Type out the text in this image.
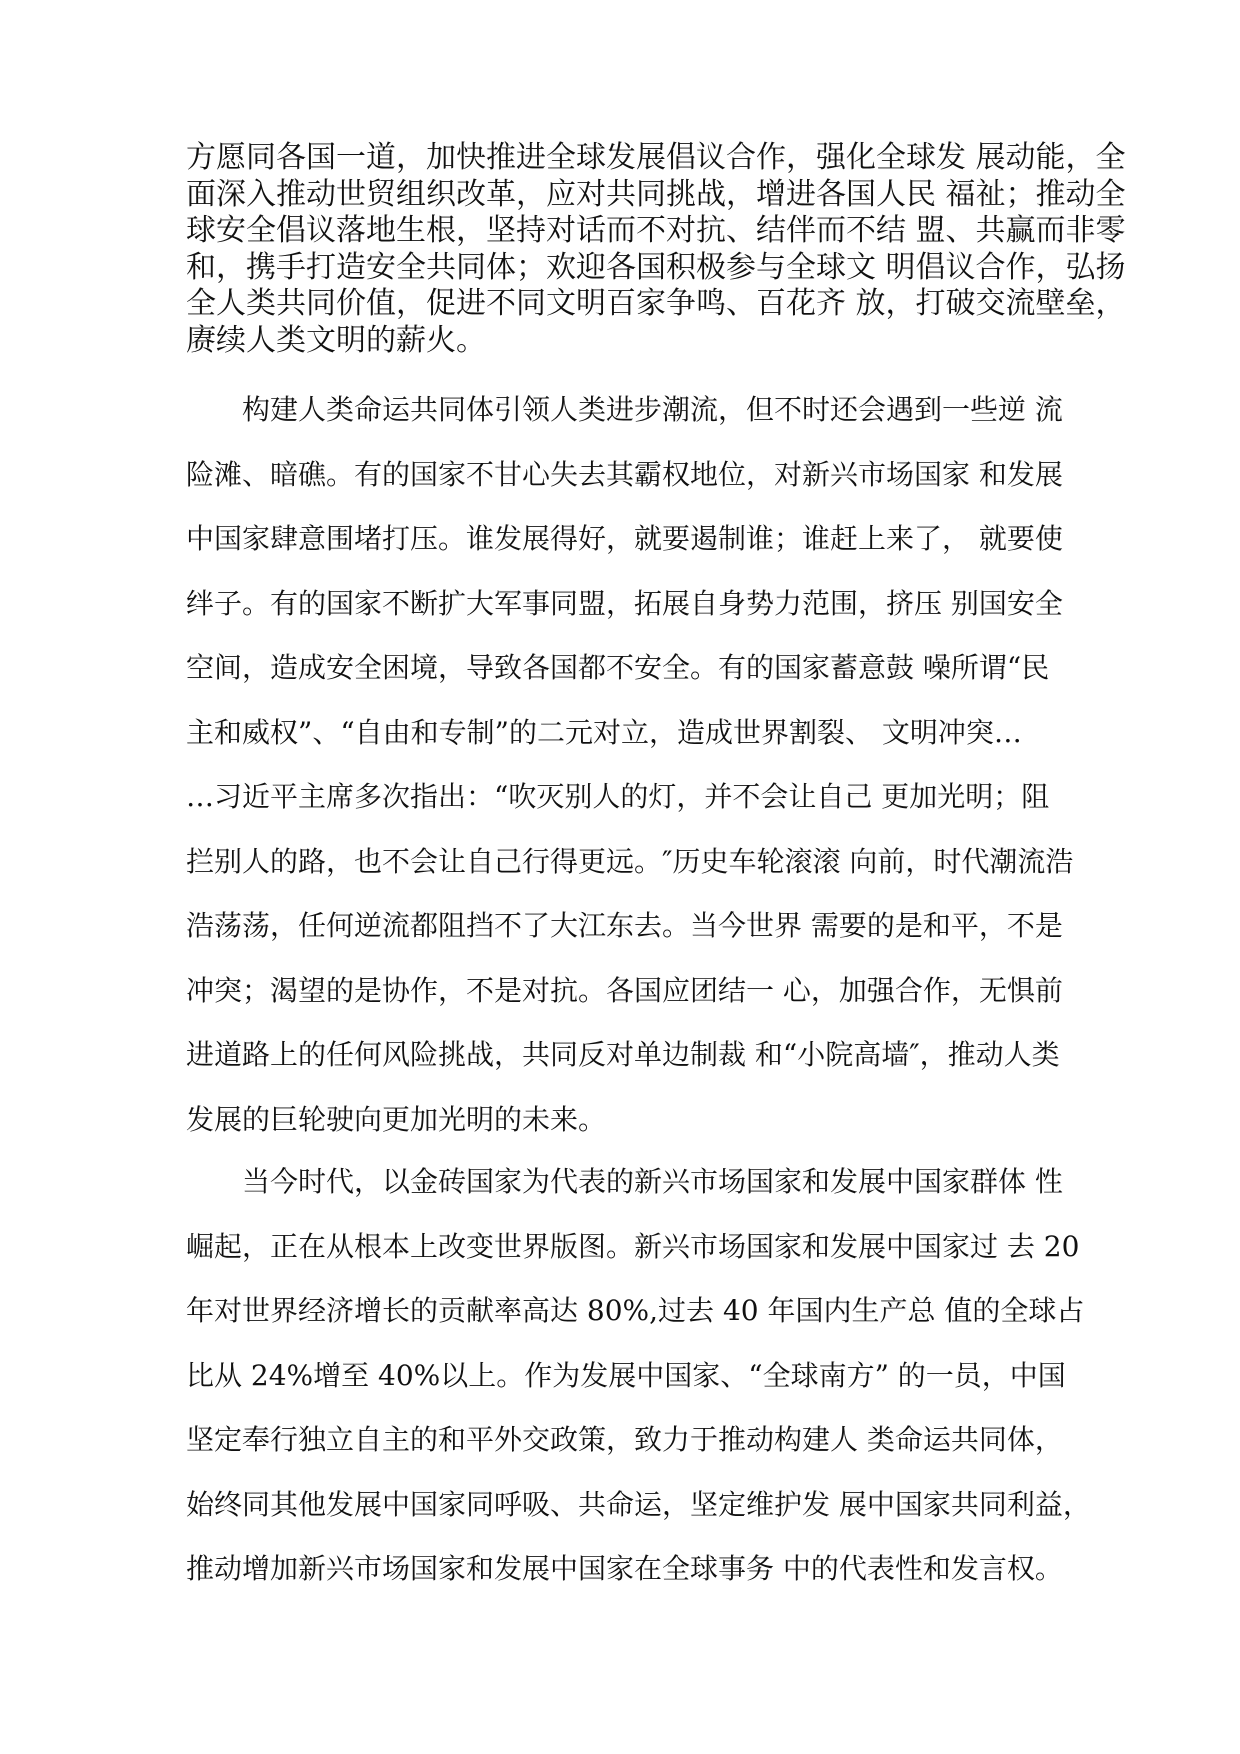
方愿同各国一道，加快推进全球发展倡议合作，强化全球发 展动能，全
面深入推动世贸组织改革，应对共同挑战，增进各国人民 福祉；推动全
球安全倡议落地生根，坚持对话而不对抗、结伴而不结 盟、共赢而非零
和，携手打造安全共同体；欢迎各国积极参与全球文 明倡议合作，弘扬
全人类共同价值，促进不同文明百家争鸣、百花齐 放，打破交流壁垒，
赓续人类文明的薪火。
构建人类命运共同体引领人类进步潮流，但不时还会遇到一些逆 流
险滩、暗礁。有的国家不甘心失去其霸权地位，对新兴市场国家 和发展
中国家肆意围堵打压。谁发展得好，就要遏制谁；谁赶上来了， 就要使
绊子。有的国家不断扩大军事同盟，拓展自身势力范围，挤压 别国安全
空间，造成安全困境，导致各国都不安全。有的国家蓄意鼓 噪所谓“民
主和威权”、“自由和专制”的二元对立，造成世界割裂、 文明冲突…
…习近平主席多次指出：“吹灭别人的灯，并不会让自己 更加光明；阻
拦别人的路，也不会让自己行得更远。″历史车轮滚滚 向前，时代潮流浩
浩荡荡，任何逆流都阻挡不了大江东去。当今世界 需要的是和平，不是
冲突；渴望的是协作，不是对抗。各国应团结一 心，加强合作，无惧前
进道路上的任何风险挑战，共同反对单边制裁 和“小院高墙″，推动人类
发展的巨轮驶向更加光明的未来。
当今时代，以金砖国家为代表的新兴市场国家和发展中国家群体 性
崛起，正在从根本上改变世界版图。新兴市场国家和发展中国家过 去 20
年对世界经济增长的贡献率高达 80%,过去 40 年国内生产总 值的全球占
比从 24%增至 40%以上。作为发展中国家、“全球南方” 的一员，中国
坚定奉行独立自主的和平外交政策，致力于推动构建人 类命运共同体，
始终同其他发展中国家同呼吸、共命运，坚定维护发 展中国家共同利益，
推动增加新兴市场国家和发展中国家在全球事务 中的代表性和发言权。
